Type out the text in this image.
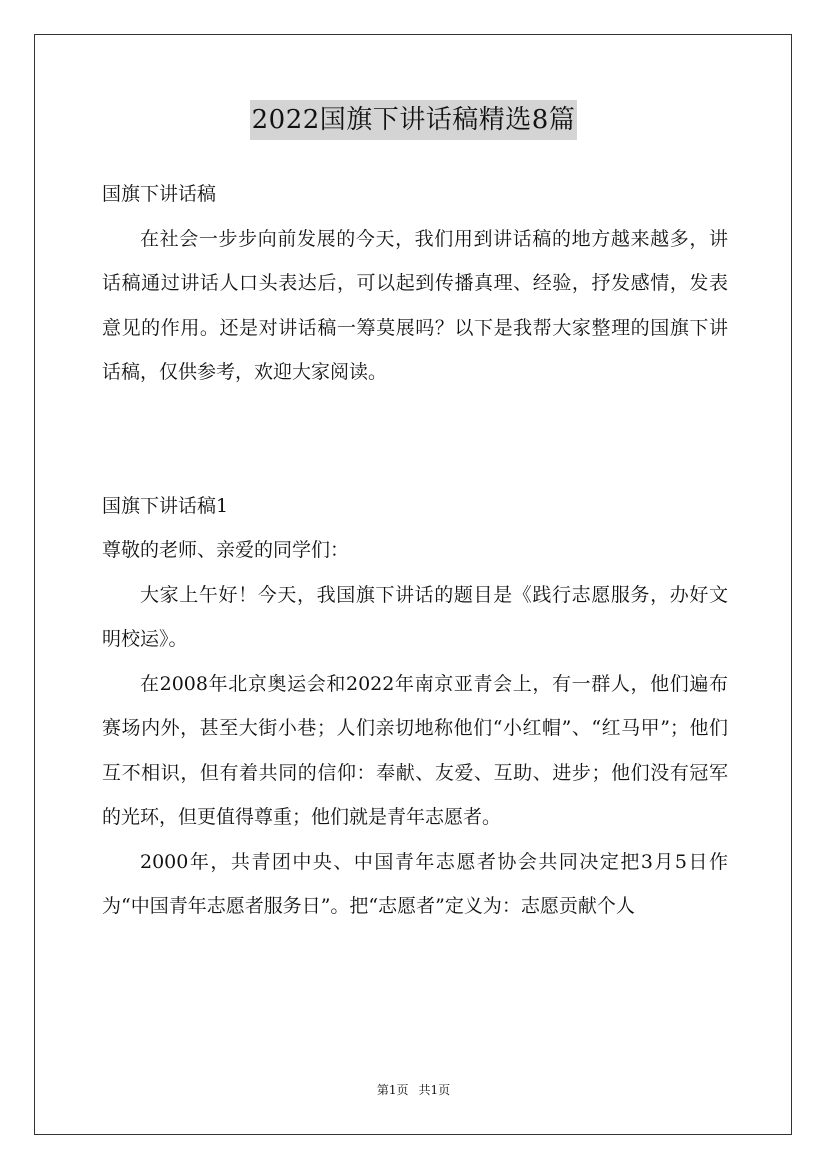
2022国旗下讲话稿精选8篇

国旗下讲话稿

在社会一步步向前发展的今天，我们用到讲话稿的地方越来越多，讲话稿通过讲话人口头表达后，可以起到传播真理、经验，抒发感情，发表意见的作用。还是对讲话稿一筹莫展吗？以下是我帮大家整理的国旗下讲话稿，仅供参考，欢迎大家阅读。

国旗下讲话稿1

尊敬的老师、亲爱的同学们：

大家上午好！今天，我国旗下讲话的题目是《践行志愿服务，办好文明校运》。

在2008年北京奥运会和2022年南京亚青会上，有一群人，他们遍布赛场内外，甚至大街小巷；人们亲切地称他们“小红帽”、“红马甲”；他们互不相识，但有着共同的信仰：奉献、友爱、互助、进步；他们没有冠军的光环，但更值得尊重；他们就是青年志愿者。

2000年，共青团中央、中国青年志愿者协会共同决定把3月5日作为“中国青年志愿者服务日”。把“志愿者”定义为：志愿贡献个人

第1页 共1页
